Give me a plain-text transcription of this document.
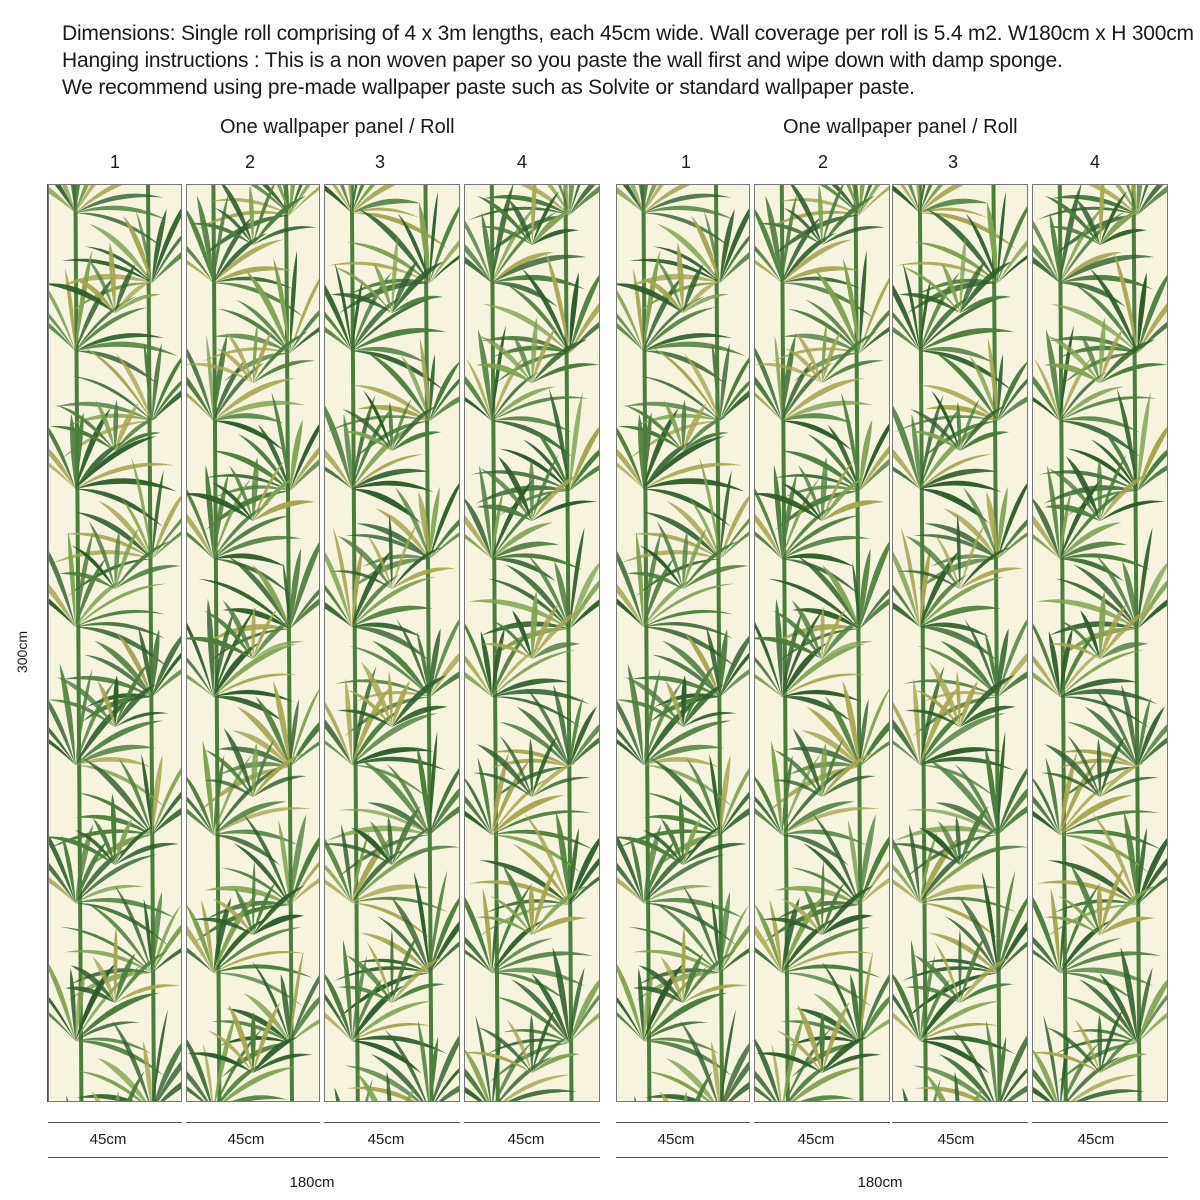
Dimensions: Single roll comprising of 4 x 3m lengths, each 45cm wide. Wall coverage per roll is 5.4 m2. W180cm x H 300cm
Hanging instructions : This is a non woven paper so you paste the wall first and wipe down with damp sponge.
We recommend using pre-made wallpaper paste such as Solvite or standard wallpaper paste.
One wallpaper panel / Roll	One wallpaper panel / Roll
1	2	3	4	1	2	3	4
300cm
45cm	45cm	45cm	45cm	45cm	45cm	45cm	45cm
180cm	180cm
